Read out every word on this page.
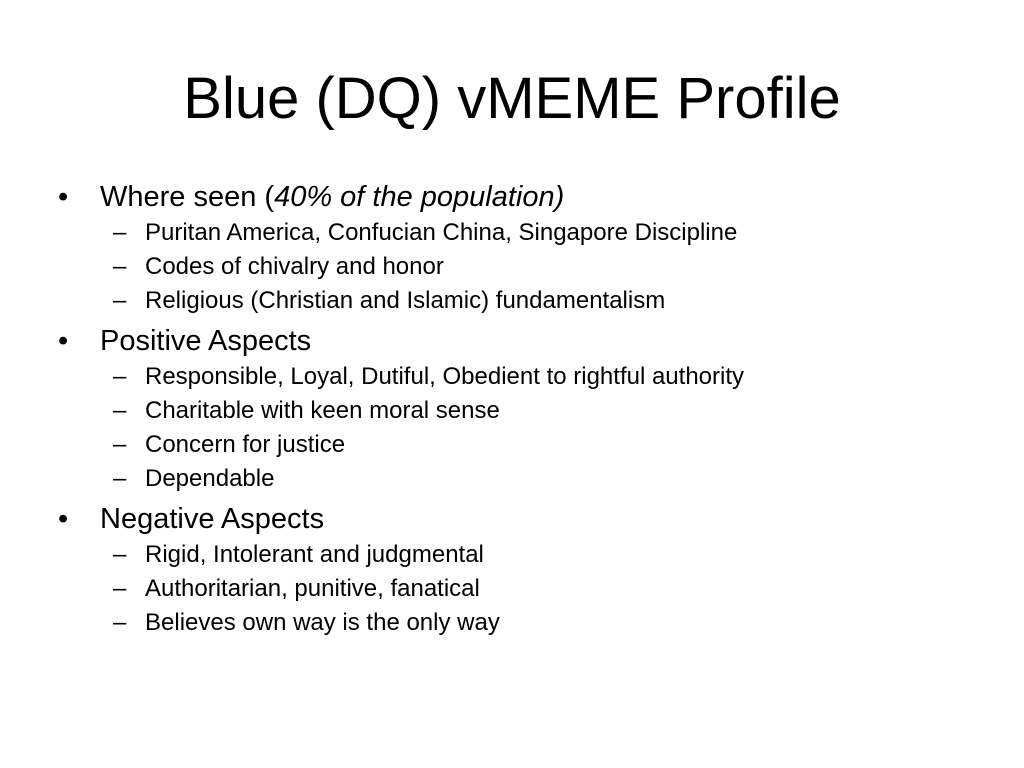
Blue (DQ) vMEME Profile
•	Where seen (40% of the population)
– Puritan America, Confucian China, Singapore Discipline
– Codes of chivalry and honor
– Religious (Christian and Islamic) fundamentalism
•	Positive Aspects
– Responsible, Loyal, Dutiful, Obedient to rightful authority
– Charitable with keen moral sense
– Concern for justice
– Dependable
•	Negative Aspects
– Rigid, Intolerant and judgmental
– Authoritarian, punitive, fanatical
– Believes own way is the only way
